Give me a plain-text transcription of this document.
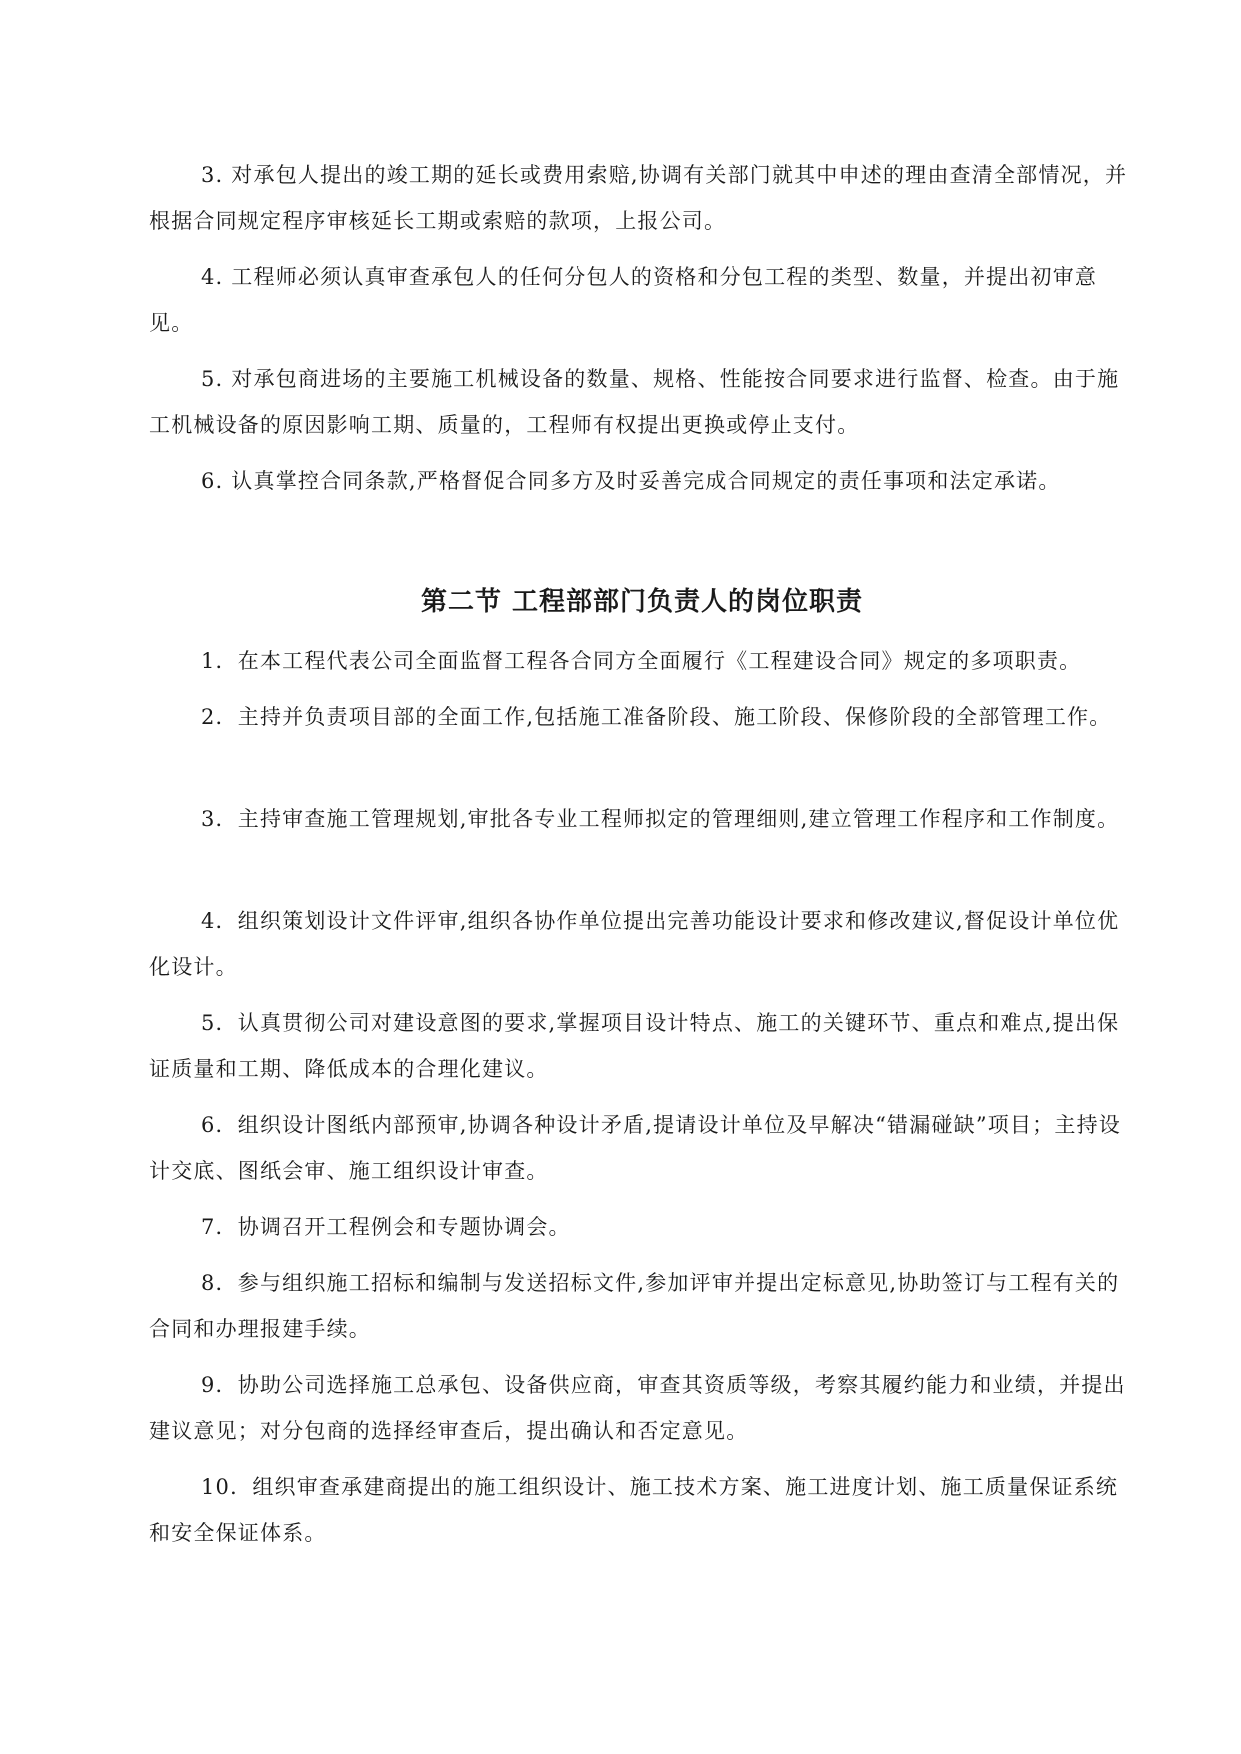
3. 对承包人提出的竣工期的延长或费用索赔,协调有关部门就其中申述的理由查清全部情况，并根据合同规定程序审核延长工期或索赔的款项，上报公司。

4. 工程师必须认真审查承包人的任何分包人的资格和分包工程的类型、数量，并提出初审意见。

5. 对承包商进场的主要施工机械设备的数量、规格、性能按合同要求进行监督、检查。由于施工机械设备的原因影响工期、质量的，工程师有权提出更换或停止支付。

6. 认真掌控合同条款,严格督促合同多方及时妥善完成合同规定的责任事项和法定承诺。

第二节 工程部部门负责人的岗位职责

1．在本工程代表公司全面监督工程各合同方全面履行《工程建设合同》规定的多项职责。

2．主持并负责项目部的全面工作,包括施工准备阶段、施工阶段、保修阶段的全部管理工作。

3．主持审查施工管理规划,审批各专业工程师拟定的管理细则,建立管理工作程序和工作制度。

4．组织策划设计文件评审,组织各协作单位提出完善功能设计要求和修改建议,督促设计单位优化设计。

5．认真贯彻公司对建设意图的要求,掌握项目设计特点、施工的关键环节、重点和难点,提出保证质量和工期、降低成本的合理化建议。

6．组织设计图纸内部预审,协调各种设计矛盾,提请设计单位及早解决“错漏碰缺”项目；主持设计交底、图纸会审、施工组织设计审查。

7．协调召开工程例会和专题协调会。

8．参与组织施工招标和编制与发送招标文件,参加评审并提出定标意见,协助签订与工程有关的合同和办理报建手续。

9．协助公司选择施工总承包、设备供应商，审查其资质等级，考察其履约能力和业绩，并提出建议意见；对分包商的选择经审查后，提出确认和否定意见。

10．组织审查承建商提出的施工组织设计、施工技术方案、施工进度计划、施工质量保证系统和安全保证体系。
